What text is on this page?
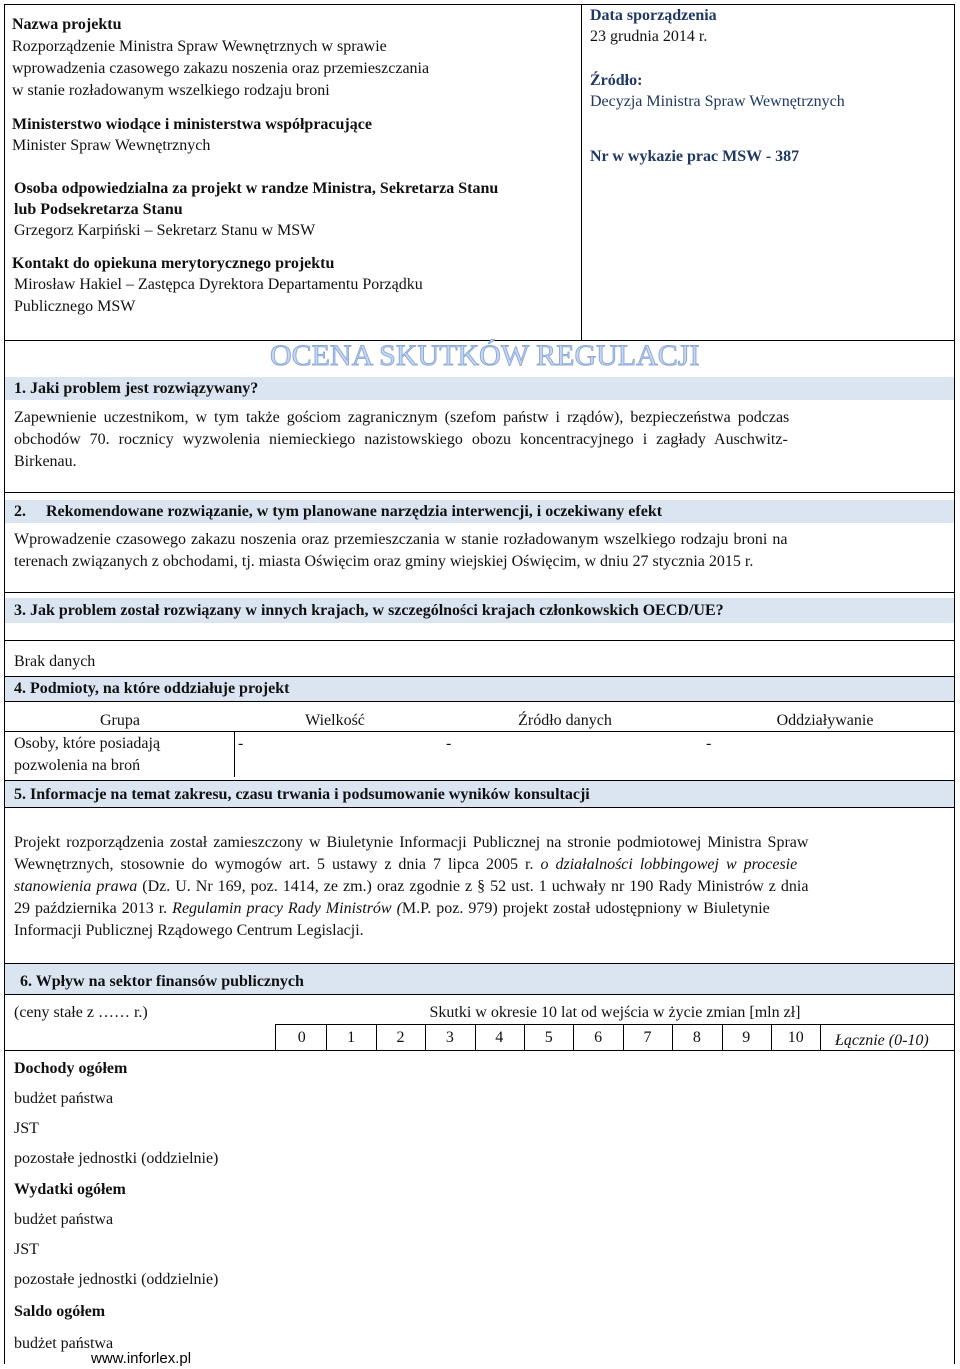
Nazwa projektu
Rozporządzenie Ministra Spraw Wewnętrznych w sprawie
wprowadzenia czasowego zakazu noszenia oraz przemieszczania
w stanie rozładowanym wszelkiego rodzaju broni
Ministerstwo wiodące i ministerstwa współpracujące
Minister Spraw Wewnętrznych
Osoba odpowiedzialna za projekt w randze Ministra, Sekretarza Stanu
lub Podsekretarza Stanu
Grzegorz Karpiński – Sekretarz Stanu w MSW
Kontakt do opiekuna merytorycznego projektu
Mirosław Hakiel – Zastępca Dyrektora Departamentu Porządku
Publicznego MSW
Data sporządzenia
23 grudnia 2014 r.
Źródło:
Decyzja Ministra Spraw Wewnętrznych
Nr w wykazie prac MSW - 387
OCENA SKUTKÓW REGULACJI
1. Jaki problem jest rozwiązywany?
Zapewnienie uczestnikom, w tym także gościom zagranicznym (szefom państw i rządów), bezpieczeństwa podczas
obchodów 70. rocznicy wyzwolenia niemieckiego nazistowskiego obozu koncentracyjnego i zagłady Auschwitz-
Birkenau.
2. Rekomendowane rozwiązanie, w tym planowane narzędzia interwencji, i oczekiwany efekt
Wprowadzenie czasowego zakazu noszenia oraz przemieszczania w stanie rozładowanym wszelkiego rodzaju broni na
terenach związanych z obchodami, tj. miasta Oświęcim oraz gminy wiejskiej Oświęcim, w dniu 27 stycznia 2015 r.
3. Jak problem został rozwiązany w innych krajach, w szczególności krajach członkowskich OECD/UE?
Brak danych
4. Podmioty, na które oddziałuje projekt
Grupa	Wielkość	Źródło danych	Oddziaływanie
Osoby, które posiadają
pozwolenia na broń
-	-	-
5. Informacje na temat zakresu, czasu trwania i podsumowanie wyników konsultacji
Projekt rozporządzenia został zamieszczony w Biuletynie Informacji Publicznej na stronie podmiotowej Ministra Spraw
Wewnętrznych, stosownie do wymogów art. 5 ustawy z dnia 7 lipca 2005 r. o działalności lobbingowej w procesie
stanowienia prawa (Dz. U. Nr 169, poz. 1414, ze zm.) oraz zgodnie z § 52 ust. 1 uchwały nr 190 Rady Ministrów z dnia
29 października 2013 r. Regulamin pracy Rady Ministrów (M.P. poz. 979) projekt został udostępniony w Biuletynie
Informacji Publicznej Rządowego Centrum Legislacji.
6. Wpływ na sektor finansów publicznych
(ceny stałe z …… r.)	Skutki w okresie 10 lat od wejścia w życie zmian [mln zł]
0	1	2	3	4	5	6	7	8	9	10	Łącznie (0-10)
Dochody ogółem
budżet państwa
JST
pozostałe jednostki (oddzielnie)
Wydatki ogółem
budżet państwa
JST
pozostałe jednostki (oddzielnie)
Saldo ogółem
budżet państwa
www.inforlex.pl
